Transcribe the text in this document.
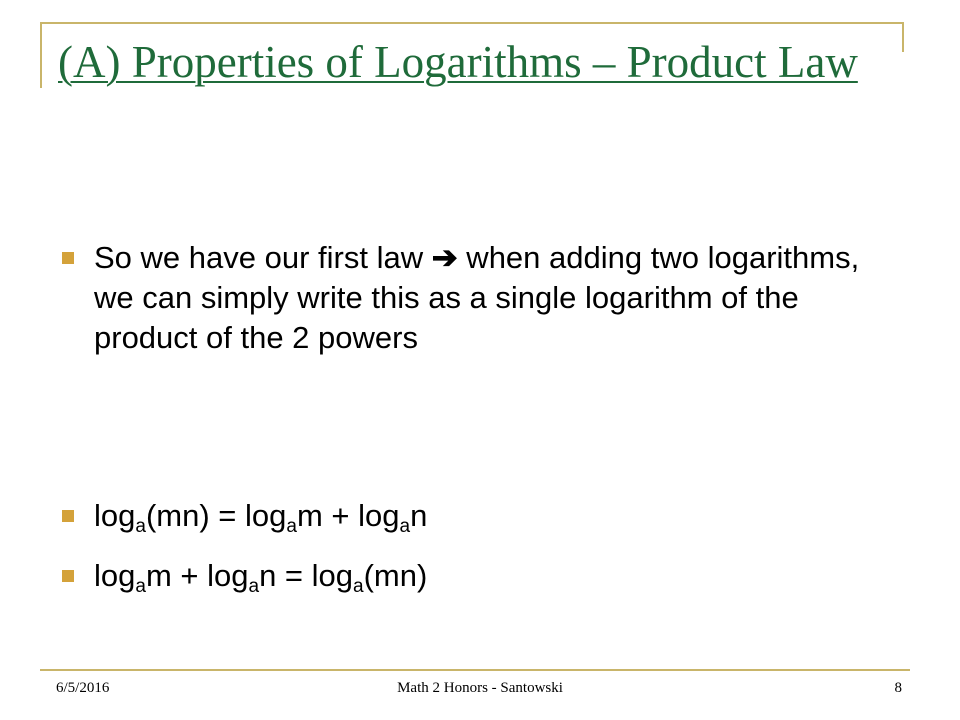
(A) Properties of Logarithms – Product Law
So we have our first law ➔ when adding two logarithms, we can simply write this as a single logarithm of the product of the 2 powers
$\log_a(mn) = \log_am + \log_an$
$\log_am + \log_an = \log_a(mn)$
6/5/2016	Math 2 Honors - Santowski	8
